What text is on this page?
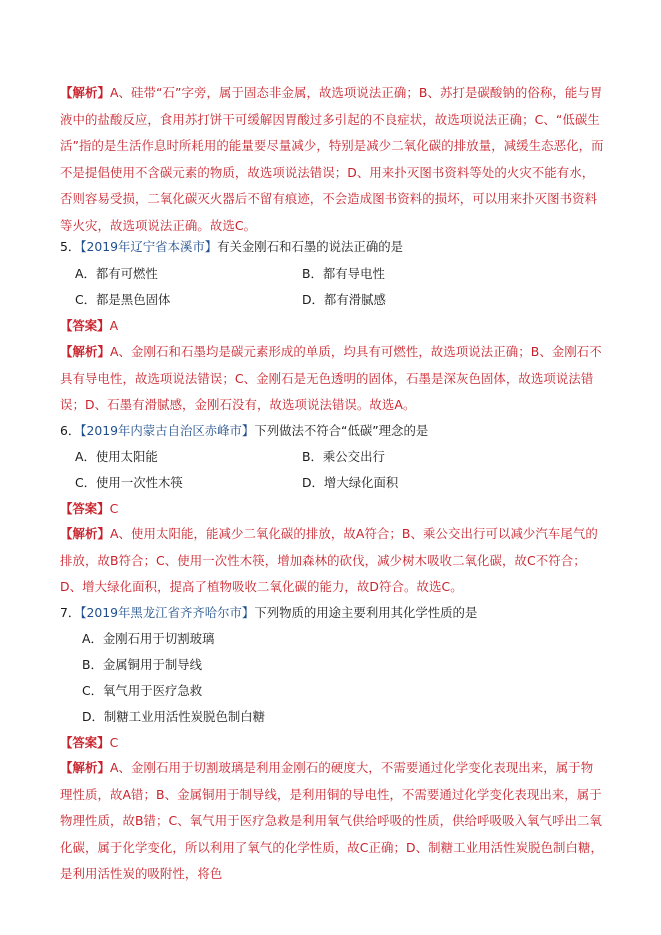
【解析】A、硅带“石”字旁，属于固态非金属，故选项说法正确；B、苏打是碳酸钠的俗称，能与胃液中的盐酸反应，食用苏打饼干可缓解因胃酸过多引起的不良症状，故选项说法正确；C、“低碳生活”指的是生活作息时所耗用的能量要尽量减少，特别是减少二氧化碳的排放量，减缓生态恶化，而不是提倡使用不含碳元素的物质，故选项说法错误；D、用来扑灭图书资料等处的火灾不能有水，否则容易受损，二氧化碳灭火器后不留有痕迹，不会造成图书资料的损坏，可以用来扑灭图书资料等火灾，故选项说法正确。故选C。
5．【2019年辽宁省本溪市】有关金刚石和石墨的说法正确的是
A．都有可燃性	B．都有导电性
C．都是黑色固体	D．都有滑腻感
【答案】A
【解析】A、金刚石和石墨均是碳元素形成的单质，均具有可燃性，故选项说法正确；B、金刚石不具有导电性，故选项说法错误；C、金刚石是无色透明的固体，石墨是深灰色固体，故选项说法错误；D、石墨有滑腻感，金刚石没有，故选项说法错误。故选A。
6．【2019年内蒙古自治区赤峰市】下列做法不符合“低碳”理念的是
A．使用太阳能	B．乘公交出行
C．使用一次性木筷	D．增大绿化面积
【答案】C
【解析】A、使用太阳能，能减少二氧化碳的排放，故A符合；B、乘公交出行可以减少汽车尾气的排放，故B符合；C、使用一次性木筷，增加森林的砍伐，减少树木吸收二氧化碳，故C不符合；D、增大绿化面积，提高了植物吸收二氧化碳的能力，故D符合。故选C。
7．【2019年黑龙江省齐齐哈尔市】下列物质的用途主要利用其化学性质的是
A．金刚石用于切割玻璃
B．金属铜用于制导线
C．氧气用于医疗急救
D．制糖工业用活性炭脱色制白糖
【答案】C
【解析】A、金刚石用于切割玻璃是利用金刚石的硬度大，不需要通过化学变化表现出来，属于物理性质，故A错；B、金属铜用于制导线，是利用铜的导电性，不需要通过化学变化表现出来，属于物理性质，故B错；C、氧气用于医疗急救是利用氧气供给呼吸的性质，供给呼吸吸入氧气呼出二氧化碳，属于化学变化，所以利用了氧气的化学性质，故C正确；D、制糖工业用活性炭脱色制白糖，是利用活性炭的吸附性，将色
